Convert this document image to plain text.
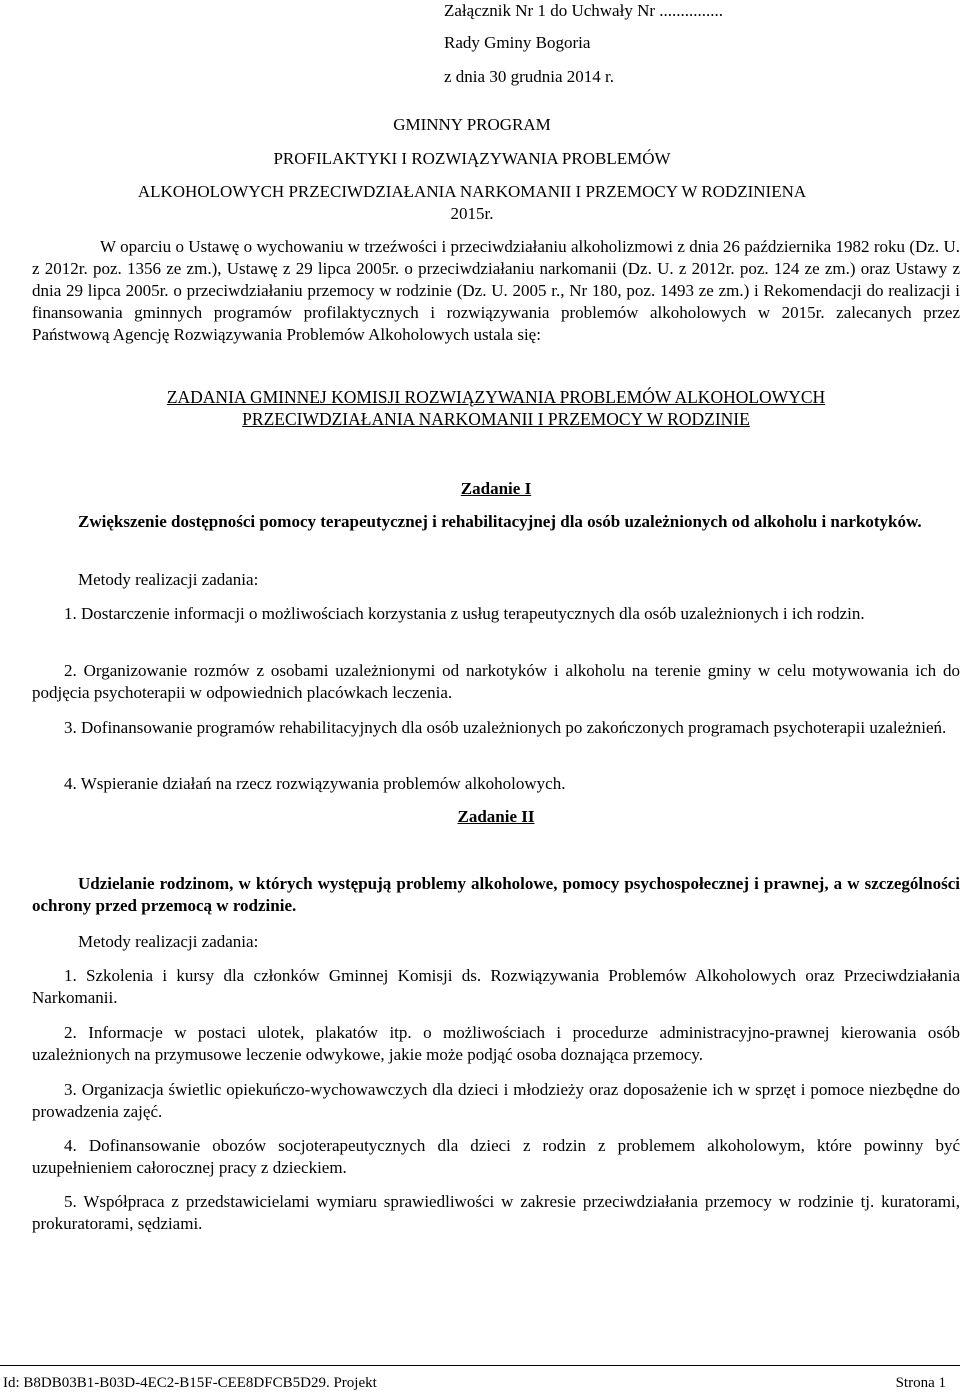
Załącznik Nr 1 do Uchwały Nr ...............
Rady Gminy Bogoria
z dnia 30 grudnia 2014 r.
GMINNY PROGRAM
PROFILAKTYKI I ROZWIĄZYWANIA PROBLEMÓW
ALKOHOLOWYCH PRZECIWDZIAŁANIA NARKOMANII I PRZEMOCY W RODZINIENA
2015r.
W oparciu o Ustawę o wychowaniu w trzeźwości i przeciwdziałaniu alkoholizmowi z dnia 26 października 1982 roku (Dz. U. z 2012r. poz. 1356 ze zm.), Ustawę z 29 lipca 2005r. o przeciwdziałaniu narkomanii (Dz. U. z 2012r. poz. 124 ze zm.) oraz Ustawy z dnia 29 lipca 2005r. o przeciwdziałaniu przemocy w rodzinie (Dz. U. 2005 r., Nr 180, poz. 1493 ze zm.) i Rekomendacji do realizacji i finansowania gminnych programów profilaktycznych i rozwiązywania problemów alkoholowych w 2015r. zalecanych przez Państwową Agencję Rozwiązywania Problemów Alkoholowych ustala się:
ZADANIA GMINNEJ KOMISJI ROZWIĄZYWANIA PROBLEMÓW ALKOHOLOWYCH
PRZECIWDZIAŁANIA NARKOMANII I PRZEMOCY W RODZINIE
Zadanie I
Zwiększenie dostępności pomocy terapeutycznej i rehabilitacyjnej dla osób uzależnionych od alkoholu i narkotyków.
Metody realizacji zadania:
1. Dostarczenie informacji o możliwościach korzystania z usług terapeutycznych dla osób uzależnionych i ich rodzin.
2. Organizowanie rozmów z osobami uzależnionymi od narkotyków i alkoholu na terenie gminy w celu motywowania ich do podjęcia psychoterapii w odpowiednich placówkach leczenia.
3. Dofinansowanie programów rehabilitacyjnych dla osób uzależnionych po zakończonych programach psychoterapii uzależnień.
4. Wspieranie działań na rzecz rozwiązywania problemów alkoholowych.
Zadanie II
Udzielanie rodzinom, w których występują problemy alkoholowe, pomocy psychospołecznej i prawnej, a w szczególności ochrony przed przemocą w rodzinie.
Metody realizacji zadania:
1. Szkolenia i kursy dla członków Gminnej Komisji ds. Rozwiązywania Problemów Alkoholowych oraz Przeciwdziałania Narkomanii.
2. Informacje w postaci ulotek, plakatów itp. o możliwościach i procedurze administracyjno-prawnej kierowania osób uzależnionych na przymusowe leczenie odwykowe, jakie może podjąć osoba doznająca przemocy.
3. Organizacja świetlic opiekuńczo-wychowawczych dla dzieci i młodzieży oraz doposażenie ich w sprzęt i pomoce niezbędne do prowadzenia zajęć.
4. Dofinansowanie obozów socjoterapeutycznych dla dzieci z rodzin z problemem alkoholowym, które powinny być uzupełnieniem całorocznej pracy z dzieckiem.
5. Współpraca z przedstawicielami wymiaru sprawiedliwości w zakresie przeciwdziałania przemocy w rodzinie tj. kuratorami, prokuratorami, sędziami.
Id: B8DB03B1-B03D-4EC2-B15F-CEE8DFCB5D29. Projekt	Strona 1
